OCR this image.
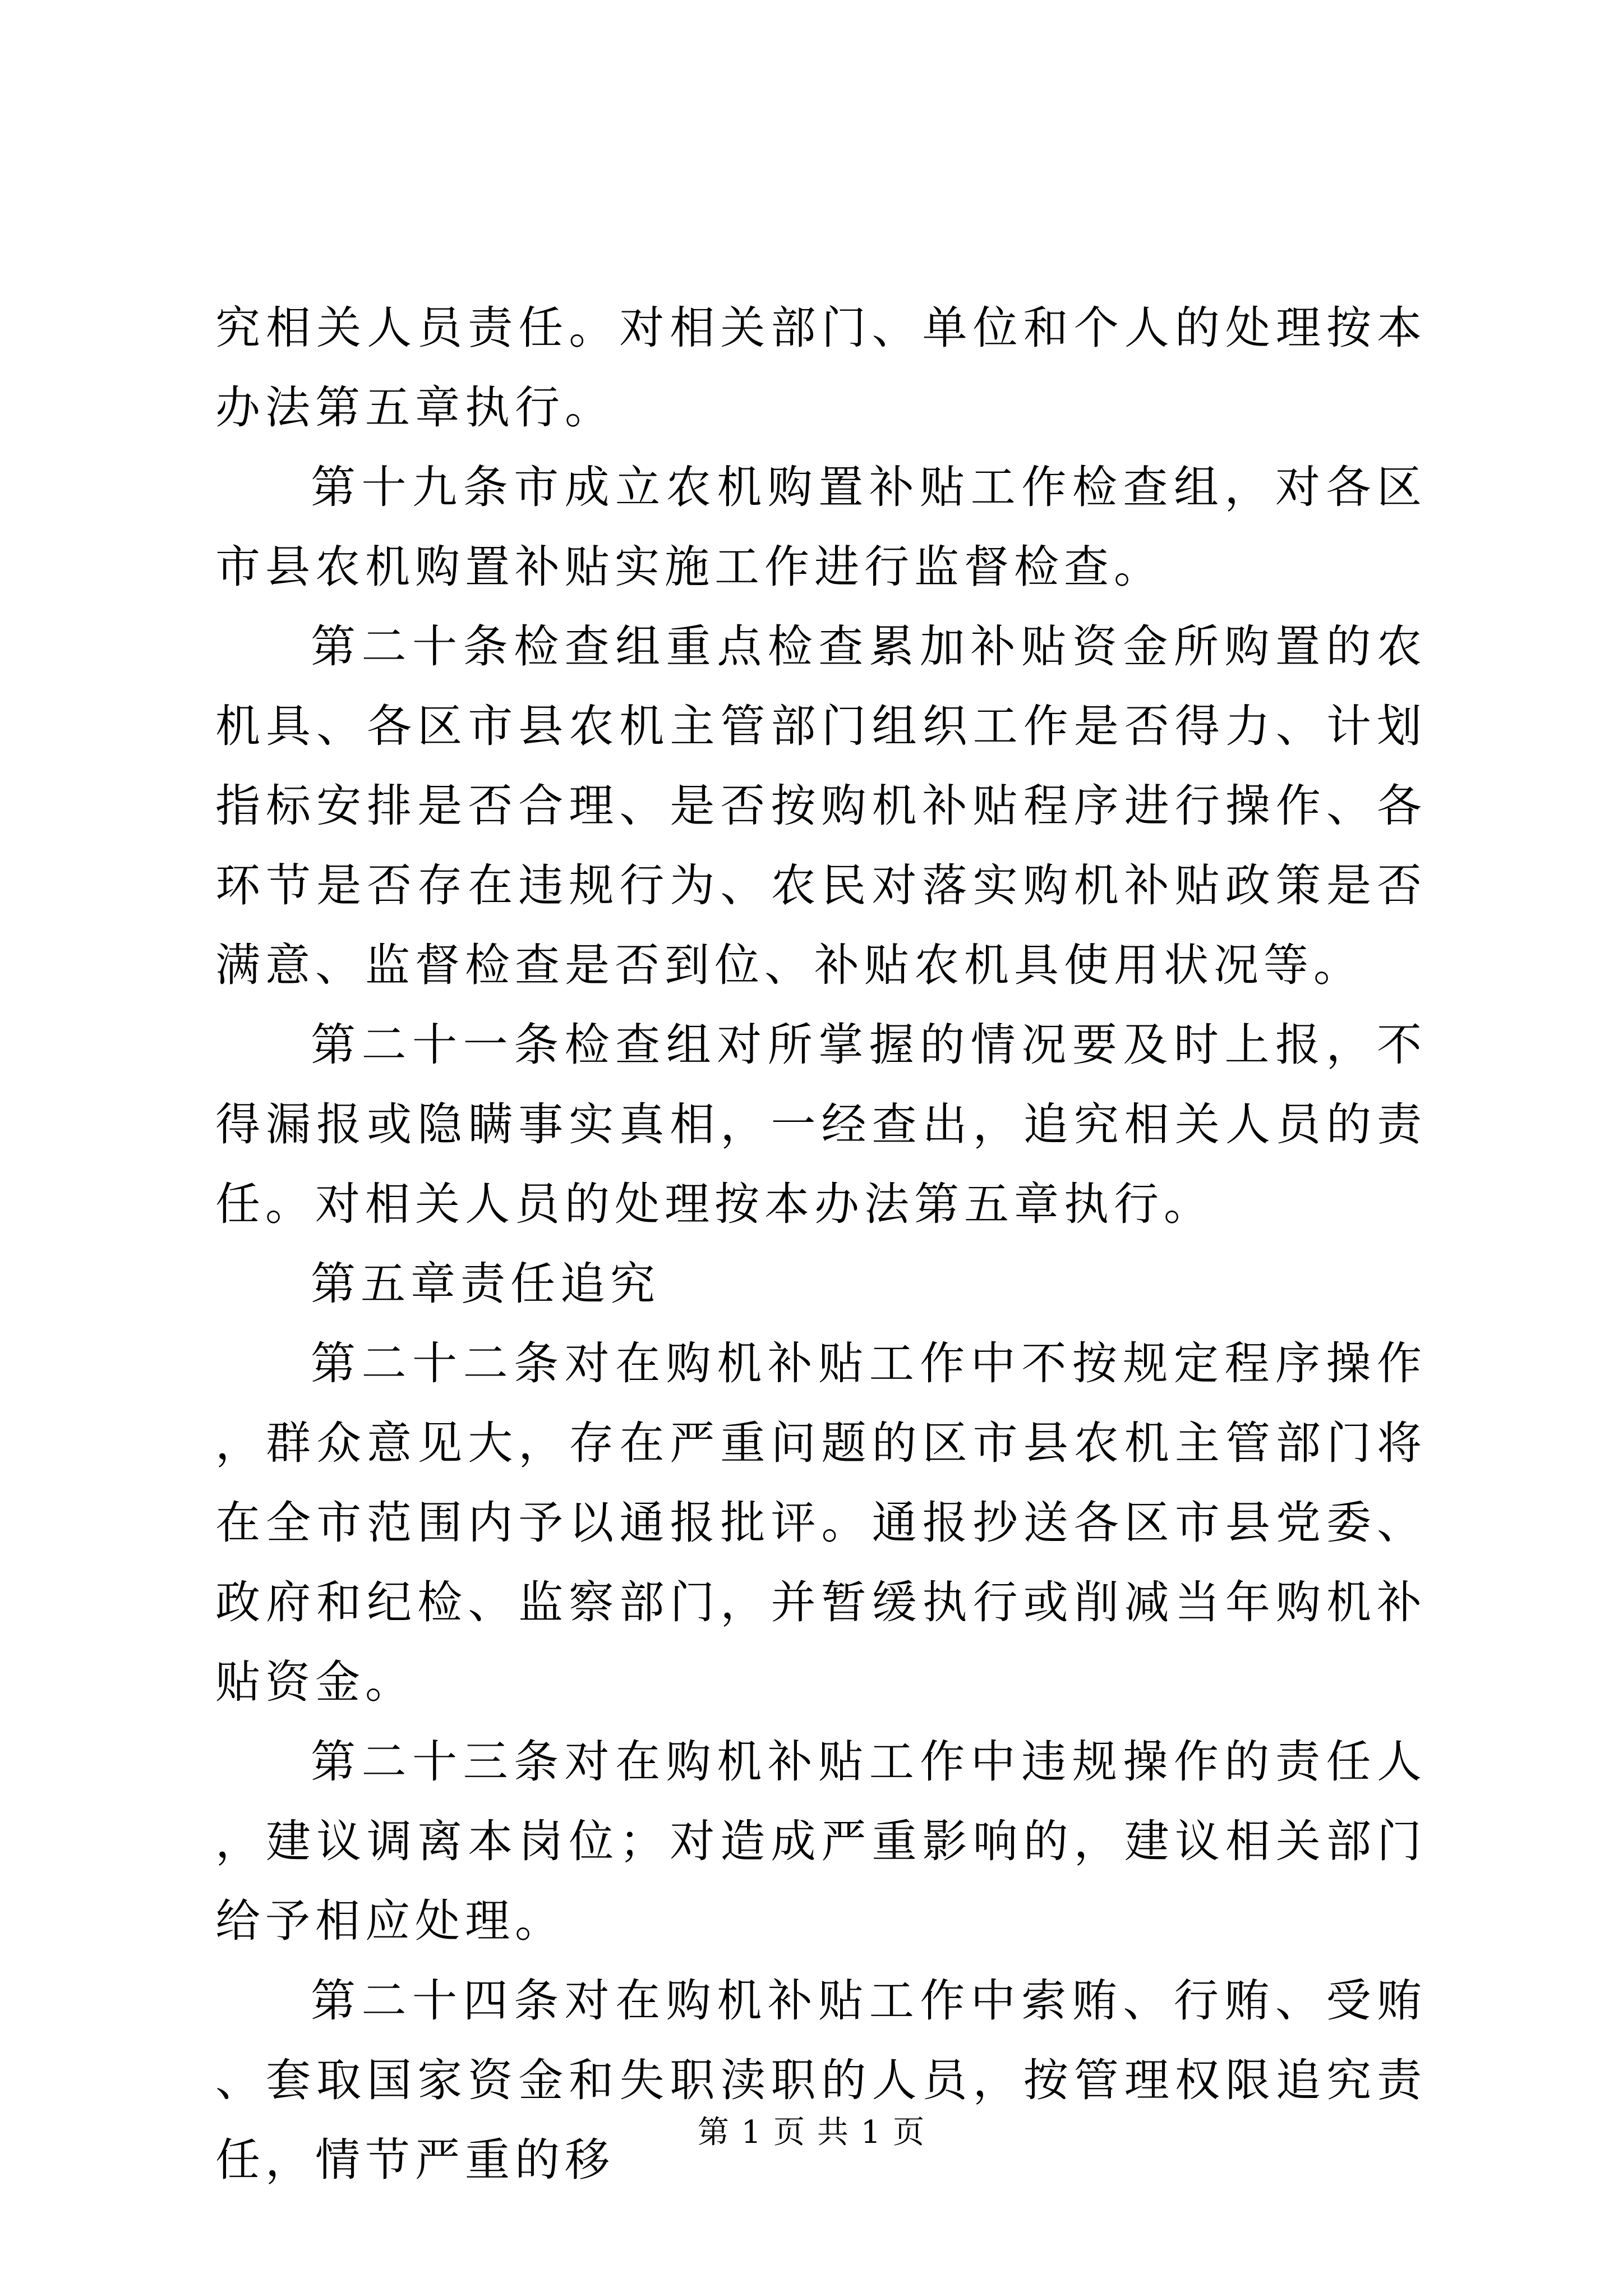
究相关人员责任。对相关部门、单位和个人的处理按本办法第五章执行。

第十九条市成立农机购置补贴工作检查组，对各区市县农机购置补贴实施工作进行监督检查。

第二十条检查组重点检查累加补贴资金所购置的农机具、各区市县农机主管部门组织工作是否得力、计划指标安排是否合理、是否按购机补贴程序进行操作、各环节是否存在违规行为、农民对落实购机补贴政策是否满意、监督检查是否到位、补贴农机具使用状况等。

第二十一条检查组对所掌握的情况要及时上报，不得漏报或隐瞒事实真相，一经查出，追究相关人员的责任。对相关人员的处理按本办法第五章执行。

第五章责任追究

第二十二条对在购机补贴工作中不按规定程序操作，群众意见大，存在严重问题的区市县农机主管部门将在全市范围内予以通报批评。通报抄送各区市县党委、政府和纪检、监察部门，并暂缓执行或削减当年购机补贴资金。

第二十三条对在购机补贴工作中违规操作的责任人，建议调离本岗位；对造成严重影响的，建议相关部门给予相应处理。

第二十四条对在购机补贴工作中索贿、行贿、受贿、套取国家资金和失职渎职的人员，按管理权限追究责任，情节严重的移

第 1 页 共 1 页
